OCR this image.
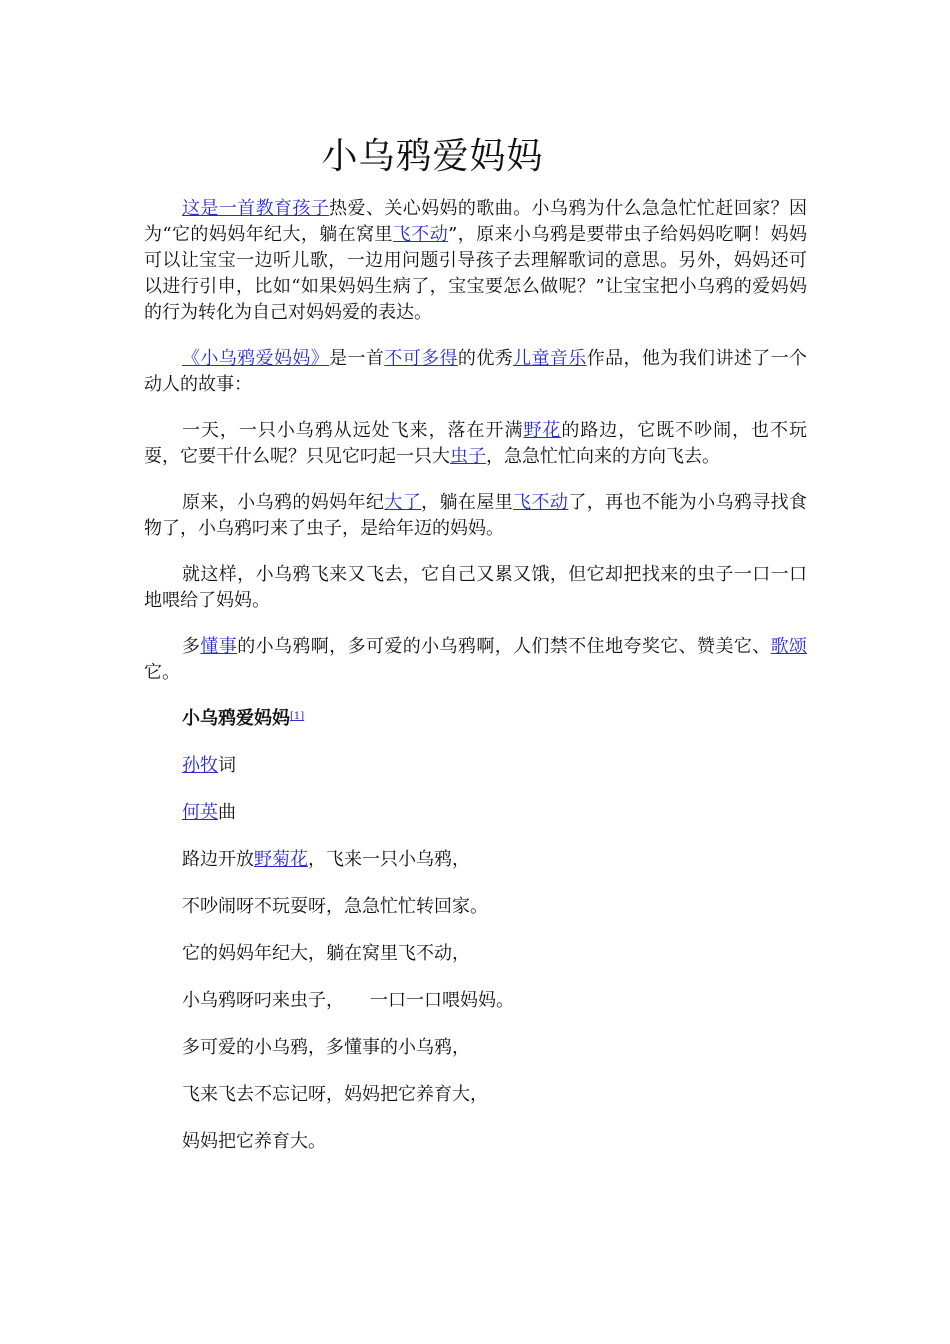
小乌鸦爱妈妈

这是一首教育孩子热爱、关心妈妈的歌曲。小乌鸦为什么急急忙忙赶回家？因为“它的妈妈年纪大，躺在窝里飞不动”，原来小乌鸦是要带虫子给妈妈吃啊！妈妈可以让宝宝一边听儿歌，一边用问题引导孩子去理解歌词的意思。另外，妈妈还可以进行引申，比如“如果妈妈生病了，宝宝要怎么做呢？”让宝宝把小乌鸦的爱妈妈的行为转化为自己对妈妈爱的表达。

《小乌鸦爱妈妈》是一首不可多得的优秀儿童音乐作品，他为我们讲述了一个动人的故事：

一天，一只小乌鸦从远处飞来，落在开满野花的路边，它既不吵闹，也不玩耍，它要干什么呢？只见它叼起一只大虫子，急急忙忙向来的方向飞去。

原来，小乌鸦的妈妈年纪大了，躺在屋里飞不动了，再也不能为小乌鸦寻找食物了，小乌鸦叼来了虫子，是给年迈的妈妈。

就这样，小乌鸦飞来又飞去，它自己又累又饿，但它却把找来的虫子一口一口地喂给了妈妈。

多懂事的小乌鸦啊，多可爱的小乌鸦啊，人们禁不住地夸奖它、赞美它、歌颂它。

小乌鸦爱妈妈[1]

孙牧词

何英曲

路边开放野菊花，飞来一只小乌鸦，

不吵闹呀不玩耍呀，急急忙忙转回家。

它的妈妈年纪大，躺在窝里飞不动，

小乌鸦呀叼来虫子， 一口一口喂妈妈。

多可爱的小乌鸦，多懂事的小乌鸦，

飞来飞去不忘记呀，妈妈把它养育大，

妈妈把它养育大。
